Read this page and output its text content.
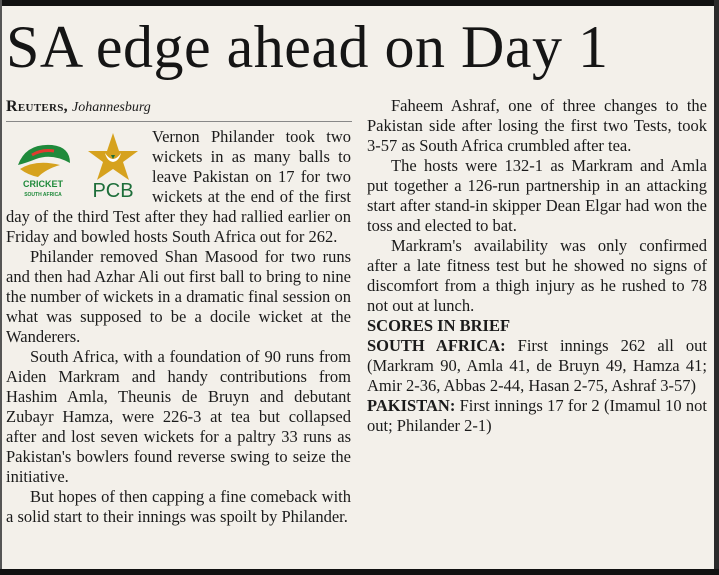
SA edge ahead on Day 1
Reuters, Johannesburg
CRICKET
SOUTH AFRICA PCB

Vernon Philander took two wickets in as many balls to leave Pakistan on 17 for two wickets at the end of the first day of the third Test after they had rallied earlier on Friday and bowled hosts South Africa out for 262.

Philander removed Shan Masood for two runs and then had Azhar Ali out first ball to bring to nine the number of wickets in a dramatic final session on what was supposed to be a docile wicket at the Wanderers.

South Africa, with a foundation of 90 runs from Aiden Markram and handy contributions from Hashim Amla, Theunis de Bruyn and debutant Zubayr Hamza, were 226-3 at tea but collapsed after and lost seven wickets for a paltry 33 runs as Pakistan's bowlers found reverse swing to seize the initiative.

But hopes of then capping a fine comeback with a solid start to their innings was spoilt by Philander.

Faheem Ashraf, one of three changes to the Pakistan side after losing the first two Tests, took 3-57 as South Africa crumbled after tea.

The hosts were 132-1 as Markram and Amla put together a 126-run partnership in an attacking start after stand-in skipper Dean Elgar had won the toss and elected to bat.

Markram's availability was only confirmed after a late fitness test but he showed no signs of discomfort from a thigh injury as he rushed to 78 not out at lunch.

SCORES IN BRIEF

SOUTH AFRICA: First innings 262 all out (Markram 90, Amla 41, de Bruyn 49, Hamza 41; Amir 2-36, Abbas 2-44, Hasan 2-75, Ashraf 3-57)

PAKISTAN: First innings 17 for 2 (Imamul 10 not out; Philander 2-1)
